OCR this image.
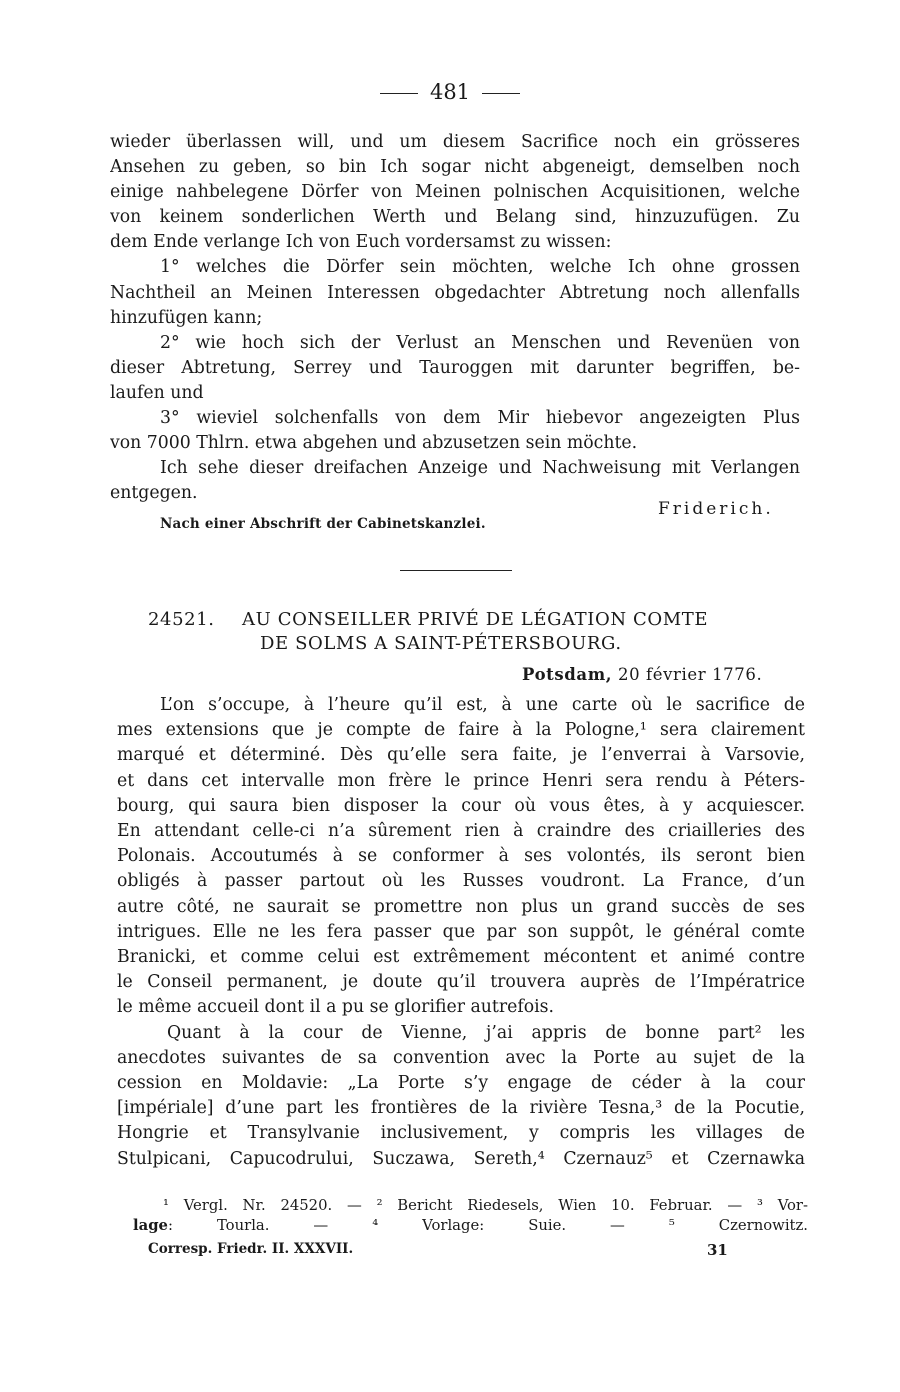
481
wieder überlassen will, und um diesem Sacrifice noch ein grösseres
Ansehen zu geben, so bin Ich sogar nicht abgeneigt, demselben noch
einige nahbelegene Dörfer von Meinen polnischen Acquisitionen, welche
von keinem sonderlichen Werth und Belang sind, hinzuzufügen. Zu
dem Ende verlange Ich von Euch vordersamst zu wissen:
1° welches die Dörfer sein möchten, welche Ich ohne grossen
Nachtheil an Meinen Interessen obgedachter Abtretung noch allenfalls
hinzufügen kann;
2° wie hoch sich der Verlust an Menschen und Revenüen von
dieser Abtretung, Serrey und Tauroggen mit darunter begriffen, be-
laufen und
3° wieviel solchenfalls von dem Mir hiebevor angezeigten Plus
von 7000 Thlrn. etwa abgehen und abzusetzen sein möchte.
Ich sehe dieser dreifachen Anzeige und Nachweisung mit Verlangen
entgegen.
Friderich.
Nach einer Abschrift der Cabinetskanzlei.
24521. AU CONSEILLER PRIVÉ DE LÉGATION COMTE
DE SOLMS A SAINT-PÉTERSBOURG.
Potsdam, 20 février 1776.
L’on s’occupe, à l’heure qu’il est, à une carte où le sacrifice de
mes extensions que je compte de faire à la Pologne,¹ sera clairement
marqué et déterminé. Dès qu’elle sera faite, je l’enverrai à Varsovie,
et dans cet intervalle mon frère le prince Henri sera rendu à Péters-
bourg, qui saura bien disposer la cour où vous êtes, à y acquiescer.
En attendant celle-ci n’a sûrement rien à craindre des criailleries des
Polonais. Accoutumés à se conformer à ses volontés, ils seront bien
obligés à passer partout où les Russes voudront. La France, d’un
autre côté, ne saurait se promettre non plus un grand succès de ses
intrigues. Elle ne les fera passer que par son suppôt, le général comte
Branicki, et comme celui est extrêmement mécontent et animé contre
le Conseil permanent, je doute qu’il trouvera auprès de l’Impératrice
le même accueil dont il a pu se glorifier autrefois.
Quant à la cour de Vienne, j’ai appris de bonne part² les
anecdotes suivantes de sa convention avec la Porte au sujet de la
cession en Moldavie: „La Porte s’y engage de céder à la cour
[impériale] d’une part les frontières de la rivière Tesna,³ de la Pocutie,
Hongrie et Transylvanie inclusivement, y compris les villages de
Stulpicani, Capucodrului, Suczawa, Sereth,⁴ Czernauz⁵ et Czernawka
¹ Vergl. Nr. 24520. — ² Bericht Riedesels, Wien 10. Februar. — ³ Vor-
lage: Tourla. — ⁴ Vorlage: Suie. — ⁵ Czernowitz.
Corresp. Friedr. II. XXXVII.	31
